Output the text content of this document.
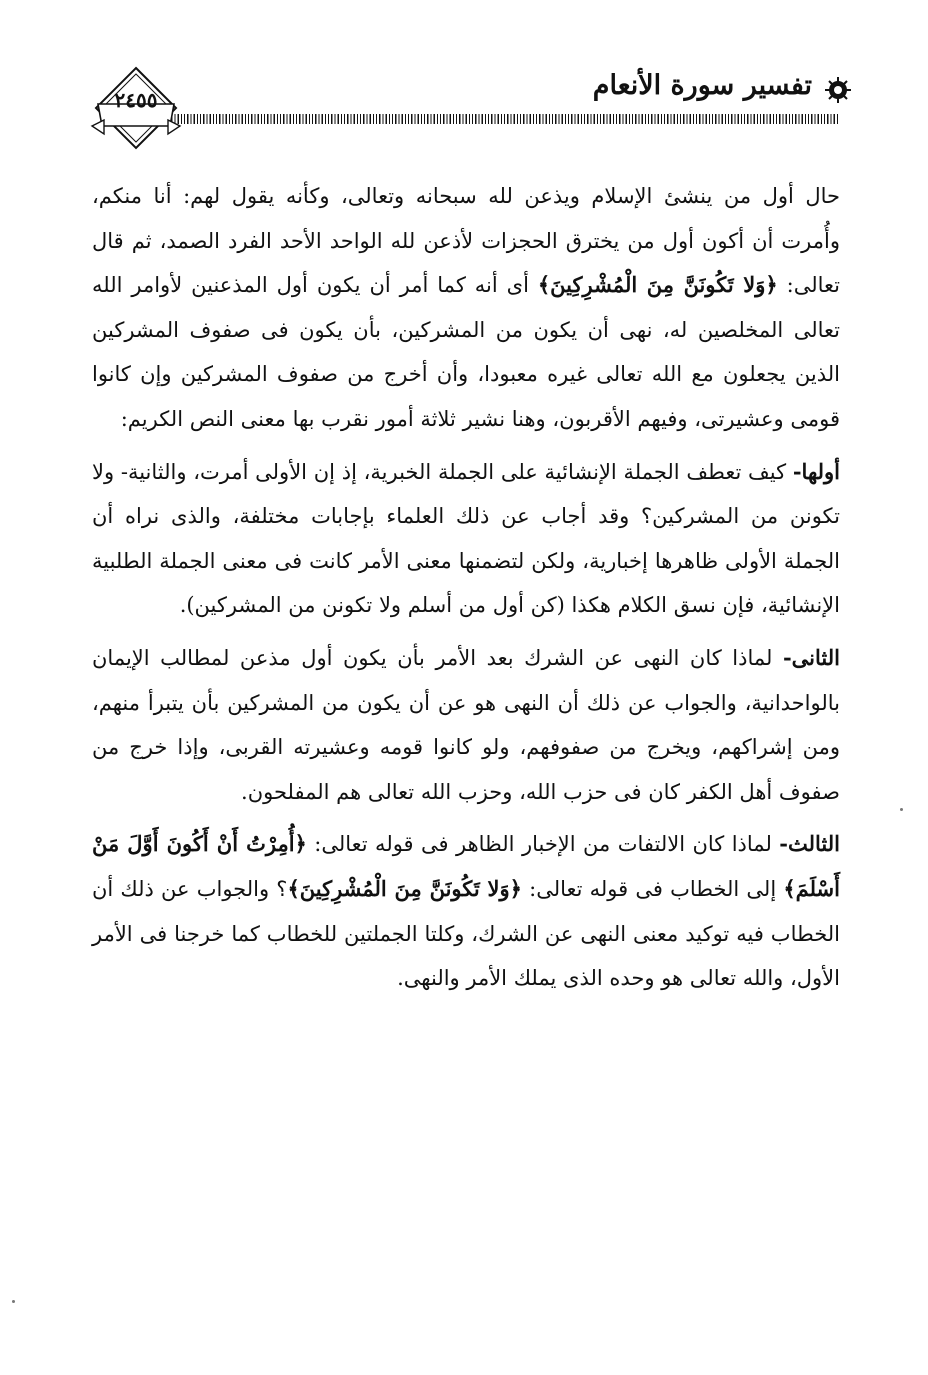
تفسير سورة الأنعام
٢٤٥٥

حال أول من ينشئ الإسلام ويذعن لله سبحانه وتعالى، وكأنه يقول لهم: أنا منكم، وأُمرت أن أكون أول من يخترق الحجزات لأذعن لله الواحد الأحد الفرد الصمد، ثم قال تعالى: ﴿وَلا تَكُونَنَّ مِنَ الْمُشْرِكِينَ﴾ أى أنه كما أمر أن يكون أول المذعنين لأوامر الله تعالى المخلصين له، نهى أن يكون من المشركين، بأن يكون فى صفوف المشركين الذين يجعلون مع الله تعالى غيره معبودا، وأن أخرج من صفوف المشركين وإن كانوا قومى وعشيرتى، وفيهم الأقربون، وهنا نشير ثلاثة أمور نقرب بها معنى النص الكريم:

أولها- كيف تعطف الجملة الإنشائية على الجملة الخبرية، إذ إن الأولى أمرت، والثانية- ولا تكونن من المشركين؟ وقد أجاب عن ذلك العلماء بإجابات مختلفة، والذى نراه أن الجملة الأولى ظاهرها إخبارية، ولكن لتضمنها معنى الأمر كانت فى معنى الجملة الطلبية الإنشائية، فإن نسق الكلام هكذا (كن أول من أسلم ولا تكونن من المشركين).

الثانى- لماذا كان النهى عن الشرك بعد الأمر بأن يكون أول مذعن لمطالب الإيمان بالواحدانية، والجواب عن ذلك أن النهى هو عن أن يكون من المشركين بأن يتبرأ منهم، ومن إشراكهم، ويخرج من صفوفهم، ولو كانوا قومه وعشيرته القربى، وإذا خرج من صفوف أهل الكفر كان فى حزب الله، وحزب الله تعالى هم المفلحون.

الثالث- لماذا كان الالتفات من الإخبار الظاهر فى قوله تعالى: ﴿أُمِرْتُ أَنْ أَكُونَ أَوَّلَ مَنْ أَسْلَمَ﴾ إلى الخطاب فى قوله تعالى: ﴿وَلا تَكُونَنَّ مِنَ الْمُشْرِكِينَ﴾؟ والجواب عن ذلك أن الخطاب فيه توكيد معنى النهى عن الشرك، وكلتا الجملتين للخطاب كما خرجنا فى الأمر الأول، والله تعالى هو وحده الذى يملك الأمر والنهى.
